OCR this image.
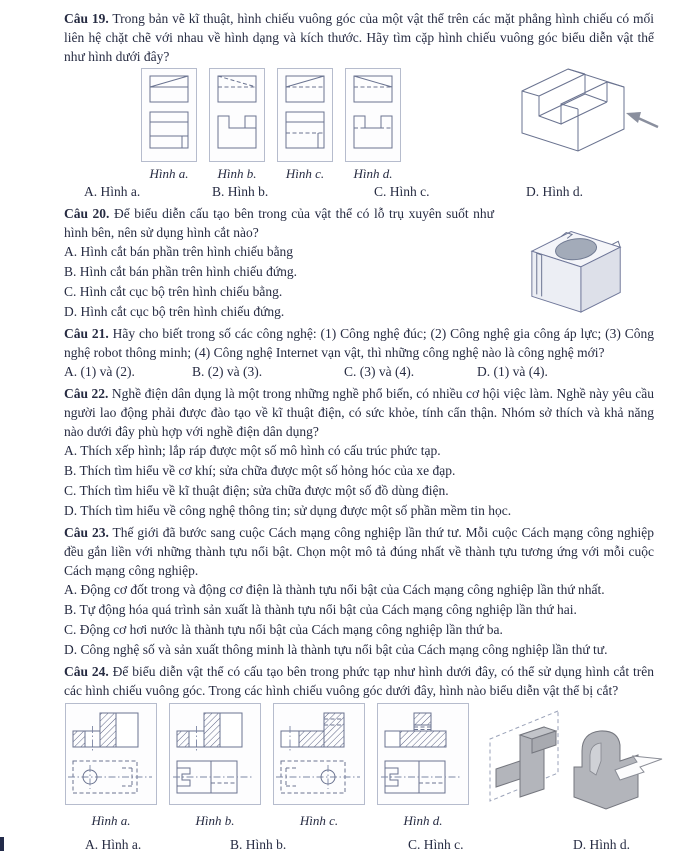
Câu 19. Trong bản vẽ kĩ thuật, hình chiếu vuông góc của một vật thể trên các mặt phẳng hình chiếu có mối liên hệ chặt chẽ với nhau về hình dạng và kích thước. Hãy tìm cặp hình chiếu vuông góc biểu diễn vật thể như hình dưới đây?

Hình a. Hình b. Hình c. Hình d.
A. Hình a.	B. Hình b.	C. Hình c.	D. Hình d.

Câu 20. Để biểu diễn cấu tạo bên trong của vật thể có lỗ trụ xuyên suốt như hình bên, nên sử dụng hình cắt nào?

A. Hình cắt bán phần trên hình chiếu bằng

B. Hình cắt bán phần trên hình chiếu đứng.

C. Hình cắt cục bộ trên hình chiếu bằng.

D. Hình cắt cục bộ trên hình chiếu đứng.

Câu 21. Hãy cho biết trong số các công nghệ: (1) Công nghệ đúc; (2) Công nghệ gia công áp lực; (3) Công nghệ robot thông minh; (4) Công nghệ Internet vạn vật, thì những công nghệ nào là công nghệ mới?

A. (1) và (2).	B. (2) và (3).	C. (3) và (4).	D. (1) và (4).

Câu 22. Nghề điện dân dụng là một trong những nghề phổ biến, có nhiều cơ hội việc làm. Nghề này yêu cầu người lao động phải được đào tạo về kĩ thuật điện, có sức khỏe, tính cẩn thận. Nhóm sở thích và khả năng nào dưới đây phù hợp với nghề điện dân dụng?

A. Thích xếp hình; lắp ráp được một số mô hình có cấu trúc phức tạp.

B. Thích tìm hiểu về cơ khí; sửa chữa được một số hỏng hóc của xe đạp.

C. Thích tìm hiểu về kĩ thuật điện; sửa chữa được một số đồ dùng điện.

D. Thích tìm hiểu về công nghệ thông tin; sử dụng được một số phần mềm tin học.

Câu 23. Thế giới đã bước sang cuộc Cách mạng công nghiệp lần thứ tư. Mỗi cuộc Cách mạng công nghiệp đều gắn liền với những thành tựu nổi bật. Chọn một mô tả đúng nhất về thành tựu tương ứng với mỗi cuộc Cách mạng công nghiệp.

A. Động cơ đốt trong và động cơ điện là thành tựu nổi bật của Cách mạng công nghiệp lần thứ nhất.

B. Tự động hóa quá trình sản xuất là thành tựu nổi bật của Cách mạng công nghiệp lần thứ hai.

C. Động cơ hơi nước là thành tựu nổi bật của Cách mạng công nghiệp lần thứ ba.

D. Công nghệ số và sản xuất thông minh là thành tựu nổi bật của Cách mạng công nghiệp lần thứ tư.

Câu 24. Để biểu diễn vật thể có cấu tạo bên trong phức tạp như hình dưới đây, có thể sử dụng hình cắt trên các hình chiếu vuông góc. Trong các hình chiếu vuông góc dưới đây, hình nào biểu diễn vật thể bị cắt?

Hình a.	Hình b.	Hình c.	Hình d.
A. Hình a.	B. Hình b.	C. Hình c.	D. Hình d.
